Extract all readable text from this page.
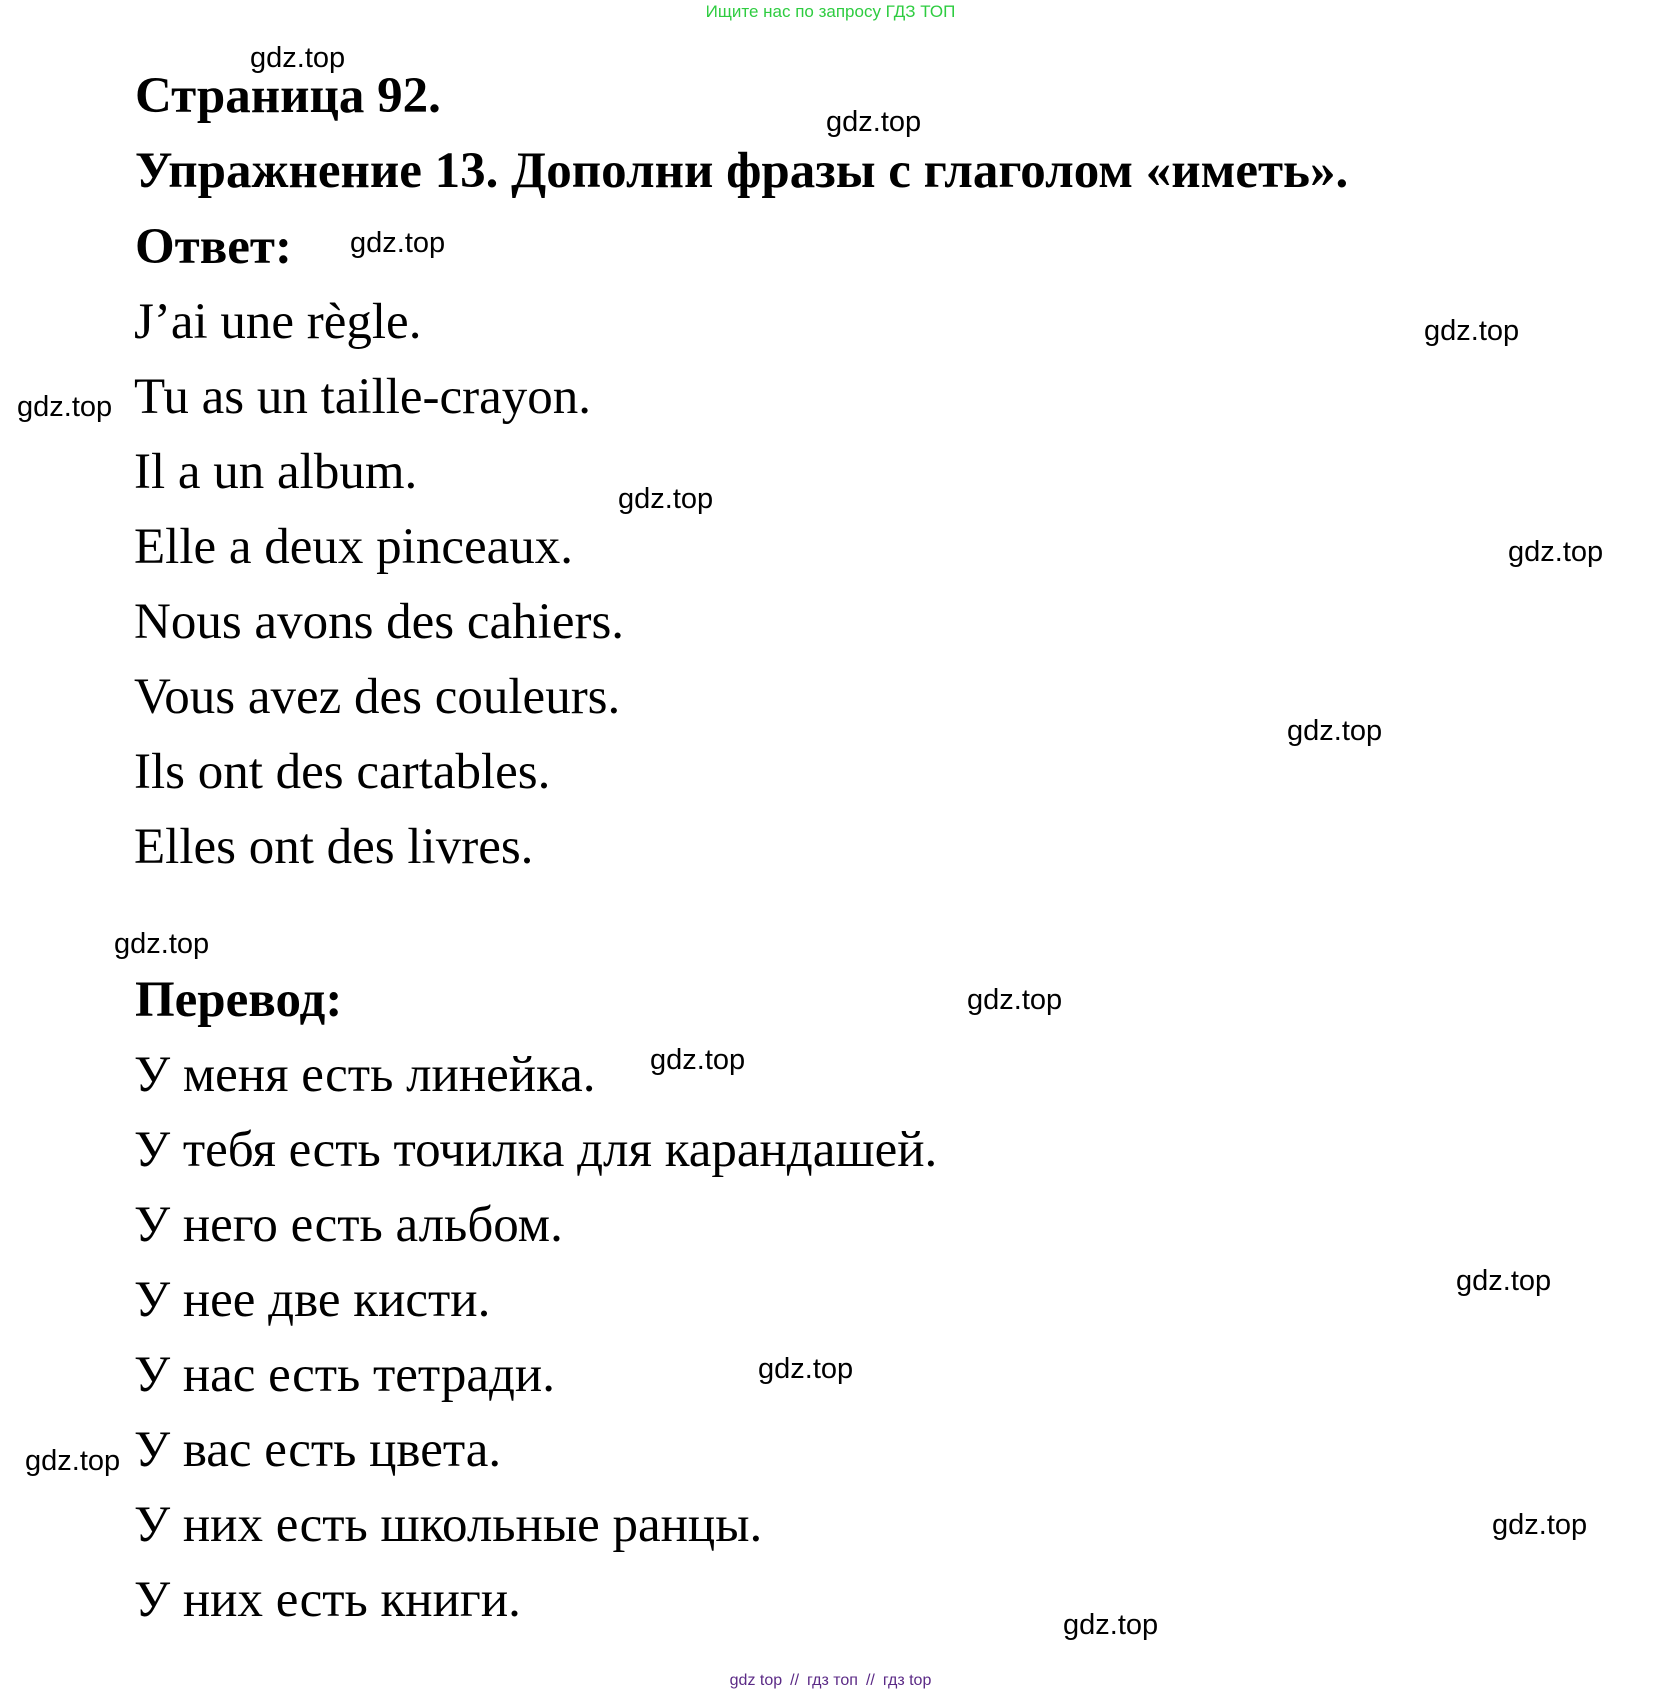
Ищите нас по запросу ГДЗ ТОП
Страница 92.
Упражнение 13. Дополни фразы с глаголом «иметь».
Ответ:

J’ai une règle.

Tu as un taille-crayon.

Il a un album.

Elle a deux pinceaux.

Nous avons des cahiers.

Vous avez des couleurs.

Ils ont des cartables.

Elles ont des livres.

Перевод:

У меня есть линейка.

У тебя есть точилка для карандашей.

У него есть альбом.

У нее две кисти.

У нас есть тетради.

У вас есть цвета.

У них есть школьные ранцы.

У них есть книги.

gdz.top
gdz.top
gdz.top
gdz.top
gdz.top
gdz.top
gdz.top
gdz.top
gdz.top
gdz.top
gdz.top
gdz.top
gdz.top
gdz.top
gdz.top
gdz.top
gdz top // гдз топ // гдз top
